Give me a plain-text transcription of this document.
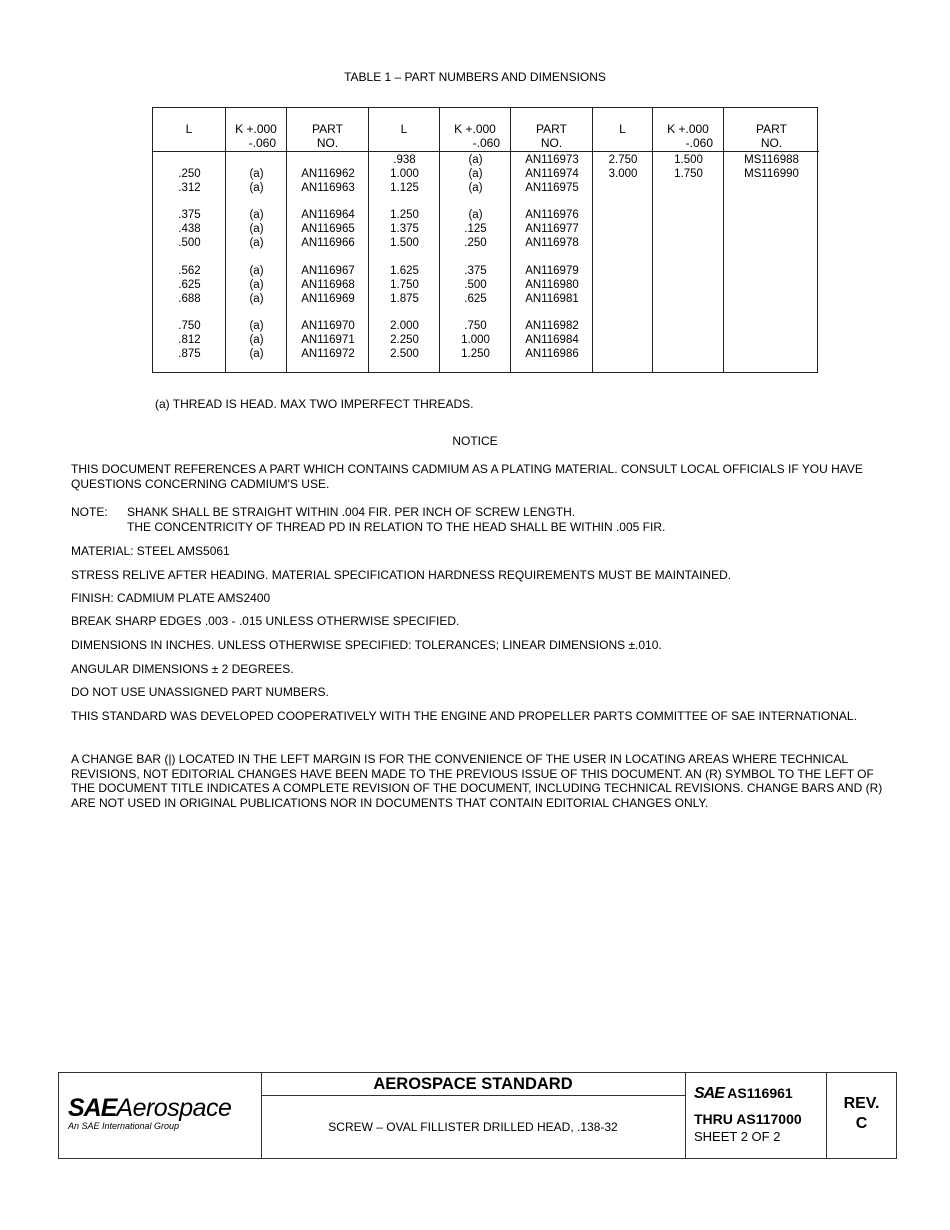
TABLE 1 – PART NUMBERS AND DIMENSIONS
L
.250
.312
.375
.438
.500
.562
.625
.688
.750
.812
.875
K +.000
-.060
(a)
(a)
(a)
(a)
(a)
(a)
(a)
(a)
(a)
(a)
(a)
PART
NO.
AN116962
AN116963
AN116964
AN116965
AN116966
AN116967
AN116968
AN116969
AN116970
AN116971
AN116972
L
.938
1.000
1.125
1.250
1.375
1.500
1.625
1.750
1.875
2.000
2.250
2.500
K +.000
-.060
(a)
(a)
(a)
(a)
.125
.250
.375
.500
.625
.750
1.000
1.250
PART
NO.
AN116973
AN116974
AN116975
AN116976
AN116977
AN116978
AN116979
AN116980
AN116981
AN116982
AN116984
AN116986
L
2.750
3.000
K +.000
-.060
1.500
1.750
PART
NO.
MS116988
MS116990
(a) THREAD IS HEAD. MAX TWO IMPERFECT THREADS.
NOTICE
THIS DOCUMENT REFERENCES A PART WHICH CONTAINS CADMIUM AS A PLATING MATERIAL. CONSULT LOCAL OFFICIALS IF YOU HAVE QUESTIONS CONCERNING CADMIUM'S USE.
NOTE: SHANK SHALL BE STRAIGHT WITHIN .004 FIR. PER INCH OF SCREW LENGTH.
THE CONCENTRICITY OF THREAD PD IN RELATION TO THE HEAD SHALL BE WITHIN .005 FIR.
MATERIAL: STEEL AMS5061
STRESS RELIVE AFTER HEADING. MATERIAL SPECIFICATION HARDNESS REQUIREMENTS MUST BE MAINTAINED.
FINISH: CADMIUM PLATE AMS2400
BREAK SHARP EDGES .003 - .015 UNLESS OTHERWISE SPECIFIED.
DIMENSIONS IN INCHES. UNLESS OTHERWISE SPECIFIED: TOLERANCES; LINEAR DIMENSIONS ±.010.
ANGULAR DIMENSIONS ± 2 DEGREES.
DO NOT USE UNASSIGNED PART NUMBERS.
THIS STANDARD WAS DEVELOPED COOPERATIVELY WITH THE ENGINE AND PROPELLER PARTS COMMITTEE OF SAE INTERNATIONAL.
A CHANGE BAR (|) LOCATED IN THE LEFT MARGIN IS FOR THE CONVENIENCE OF THE USER IN LOCATING AREAS WHERE TECHNICAL REVISIONS, NOT EDITORIAL CHANGES HAVE BEEN MADE TO THE PREVIOUS ISSUE OF THIS DOCUMENT. AN (R) SYMBOL TO THE LEFT OF THE DOCUMENT TITLE INDICATES A COMPLETE REVISION OF THE DOCUMENT, INCLUDING TECHNICAL REVISIONS. CHANGE BARS AND (R) ARE NOT USED IN ORIGINAL PUBLICATIONS NOR IN DOCUMENTS THAT CONTAIN EDITORIAL CHANGES ONLY.
SAEAerospace
An SAE International Group
AEROSPACE STANDARD
SCREW – OVAL FILLISTER DRILLED HEAD, .138-32
SAE AS116961
THRU AS117000
SHEET 2 OF 2
REV.
C
